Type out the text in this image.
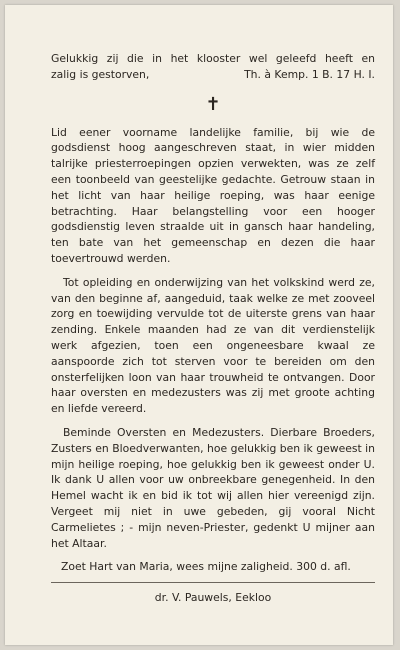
Gelukkig zij die in het klooster wel geleefd heeft en
zalig is gestorven,	Th. à Kemp. 1 B. 17 H. I.

✝

Lid eener voorname landelijke familie, bij wie de godsdienst hoog aangeschreven staat, in wier midden talrijke priesterroepingen opzien verwekten, was ze zelf een toonbeeld van geestelijke gedachte. Getrouw staan in het licht van haar heilige roeping, was haar eenige betrachting. Haar belangstelling voor een hooger godsdienstig leven straalde uit in gansch haar handeling, ten bate van het gemeenschap en dezen die haar toevertrouwd werden.

Tot opleiding en onderwijzing van het volkskind werd ze, van den beginne af, aangeduid, taak welke ze met zooveel zorg en toewijding vervulde tot de uiterste grens van haar zending. Enkele maanden had ze van dit verdienstelijk werk afgezien, toen een ongeneesbare kwaal ze aanspoorde zich tot sterven voor te bereiden om den onsterfelijken loon van haar trouwheid te ontvangen. Door haar oversten en medezusters was zij met groote achting en liefde vereerd.

Beminde Oversten en Medezusters. Dierbare Broeders, Zusters en Bloedverwanten, hoe gelukkig ben ik geweest in mijn heilige roeping, hoe gelukkig ben ik geweest onder U. Ik dank U allen voor uw onbreekbare genegenheid. In den Hemel wacht ik en bid ik tot wij allen hier vereenigd zijn. Vergeet mij niet in uwe gebeden, gij vooral Nicht Carmelietes ; - mijn neven-Priester, gedenkt U mijner aan het Altaar.

Zoet Hart van Maria, wees mijne zaligheid. 300 d. afl.

dr. V. Pauwels, Eekloo
